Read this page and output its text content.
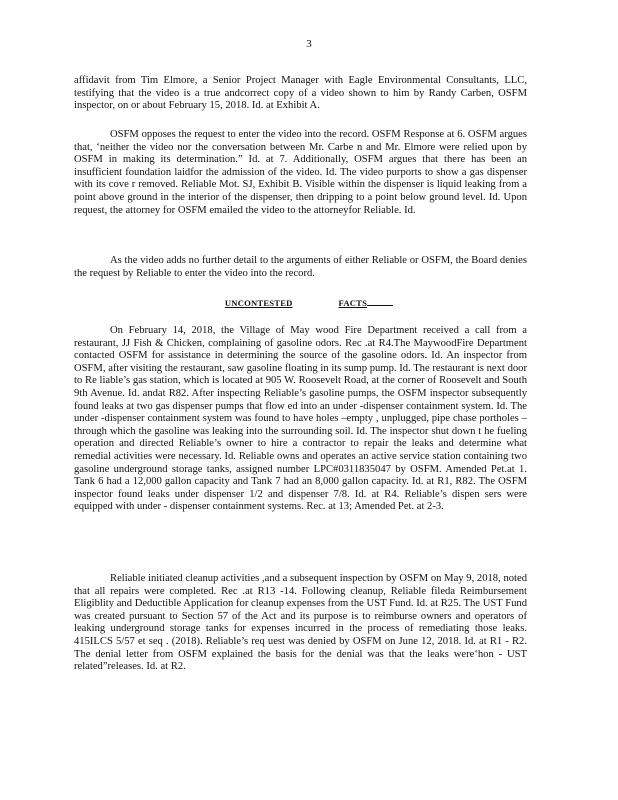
3

affidavit from Tim Elmore, a Senior Project Manager with Eagle Environmental Consultants, LLC, testifying that the video is a true andcorrect copy of a video shown to him by Randy Carben, OSFM inspector, on or about February 15, 2018. Id. at Exhibit A.

OSFM opposes the request to enter the video into the record. OSFM Response at 6. OSFM argues that, ‘neither the video nor the conversation between Mr. Carbe n and Mr. Elmore were relied upon by OSFM in making its determination.” Id. at 7. Additionally, OSFM argues that there has been an insufficient foundation laidfor the admission of the video. Id. The video purports to show a gas dispenser with its cove r removed. Reliable Mot. SJ, Exhibit B. Visible within the dispenser is liquid leaking from a point above ground in the interior of the dispenser, then dripping to a point below ground level. Id. Upon request, the attorney for OSFM emailed the video to the attorneyfor Reliable. Id.

As the video adds no further detail to the arguments of either Reliable or OSFM, the Board denies the request by Reliable to enter the video into the record.

UNCONTESTED	FACTS

On February 14, 2018, the Village of May wood Fire Department received a call from a restaurant, JJ Fish & Chicken, complaining of gasoline odors. Rec .at R4.The MaywoodFire Department contacted OSFM for assistance in determining the source of the gasoline odors. Id. An inspector from OSFM, after visiting the restaurant, saw gasoline floating in its sump pump. Id. The restaurant is next door to Re liable’s gas station, which is located at 905 W. Roosevelt Road, at the corner of Roosevelt and South 9th Avenue. Id. andat R82. After inspecting Reliable’s gasoline pumps, the OSFM inspector subsequently found leaks at two gas dispenser pumps that flow ed into an under -dispenser containment system. Id. The under -dispenser containment system was found to have holes –empty , unplugged, pipe chase portholes –through which the gasoline was leaking into the surrounding soil. Id. The inspector shut down t he fueling operation and directed Reliable’s owner to hire a contractor to repair the leaks and determine what remedial activities were necessary. Id. Reliable owns and operates an active service station containing two gasoline underground storage tanks, assigned number LPC#0311835047 by OSFM. Amended Pet.at 1. Tank 6 had a 12,000 gallon capacity and Tank 7 had an 8,000 gallon capacity. Id. at R1, R82. The OSFM inspector found leaks under dispenser 1/2 and dispenser 7/8. Id. at R4. Reliable’s dispen sers were equipped with under - dispenser containment systems. Rec. at 13; Amended Pet. at 2-3.

Reliable initiated cleanup activities ,and a subsequent inspection by OSFM on May 9, 2018, noted that all repairs were completed. Rec .at R13 -14. Following cleanup, Reliable fileda Reimbursement Eligiblity and Deductible Application for cleanup expenses from the UST Fund. Id. at R25. The UST Fund was created pursuant to Section 57 of the Act and its purpose is to reimburse owners and operators of leaking underground storage tanks for expenses incurred in the process of remediating those leaks. 415ILCS 5/57 et seq . (2018). Reliable’s req uest was denied by OSFM on June 12, 2018. Id. at R1 - R2. The denial letter from OSFM explained the basis for the denial was that the leaks were‘hon - UST related”releases. Id. at R2.
